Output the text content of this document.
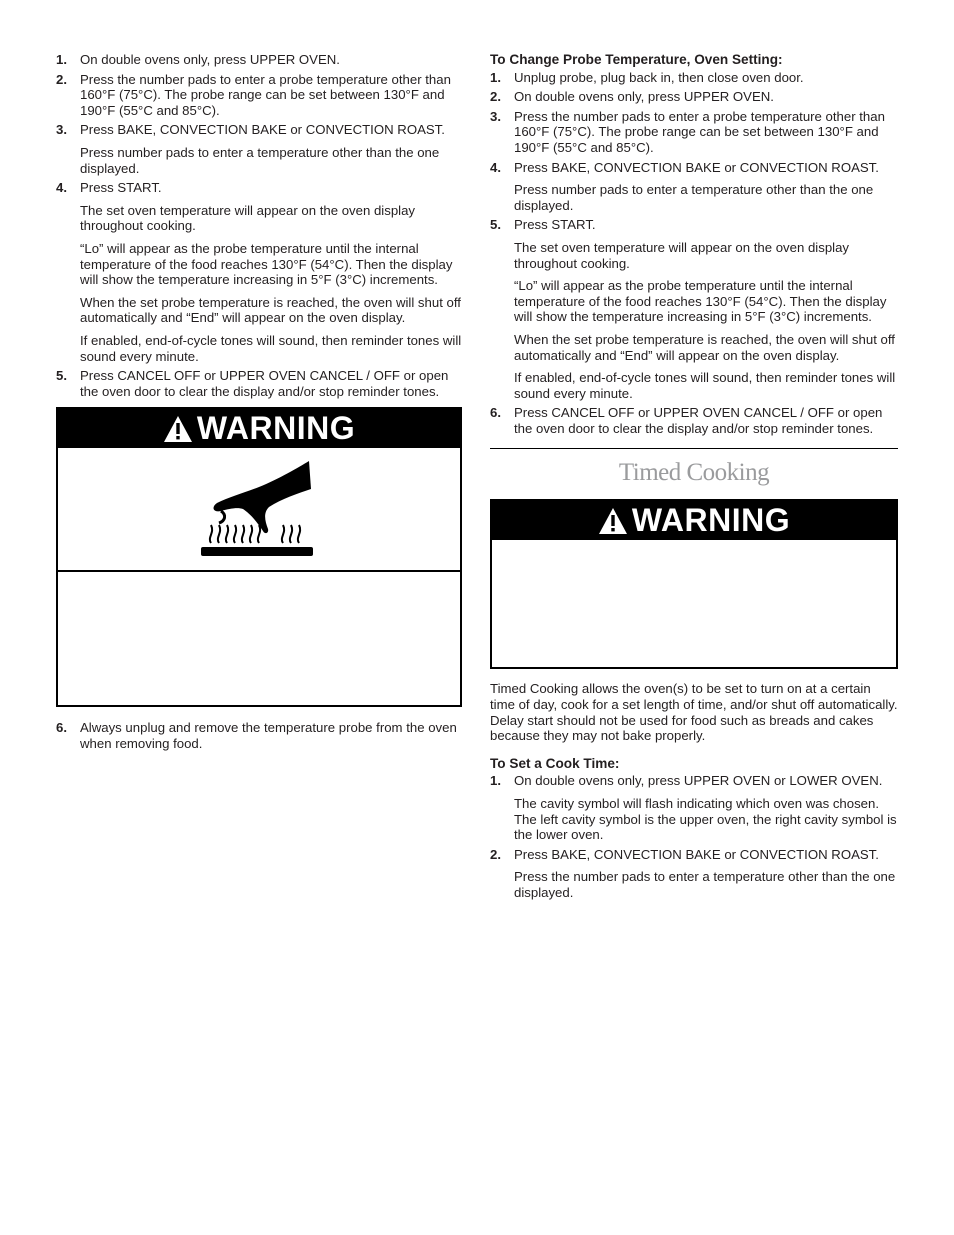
1. On double ovens only, press UPPER OVEN.

2. Press the number pads to enter a probe temperature other than 160°F (75°C). The probe range can be set between 130°F and 190°F (55°C and 85°C).

3. Press BAKE, CONVECTION BAKE or CONVECTION ROAST.

Press number pads to enter a temperature other than the one displayed.

4. Press START.

The set oven temperature will appear on the oven display throughout cooking.

“Lo” will appear as the probe temperature until the internal temperature of the food reaches 130°F (54°C). Then the display will show the temperature increasing in 5°F (3°C) increments.

When the set probe temperature is reached, the oven will shut off automatically and “End” will appear on the oven display.

If enabled, end-of-cycle tones will sound, then reminder tones will sound every minute.

5. Press CANCEL OFF or UPPER OVEN CANCEL / OFF or open the oven door to clear the display and/or stop reminder tones.

WARNING
6. Always unplug and remove the temperature probe from the oven when removing food.

To Change Probe Temperature, Oven Setting:
1. Unplug probe, plug back in, then close oven door.

2. On double ovens only, press UPPER OVEN.

3. Press the number pads to enter a probe temperature other than 160°F (75°C). The probe range can be set between 130°F and 190°F (55°C and 85°C).

4. Press BAKE, CONVECTION BAKE or CONVECTION ROAST.

Press number pads to enter a temperature other than the one displayed.

5. Press START.

The set oven temperature will appear on the oven display throughout cooking.

“Lo” will appear as the probe temperature until the internal temperature of the food reaches 130°F (54°C). Then the display will show the temperature increasing in 5°F (3°C) increments.

When the set probe temperature is reached, the oven will shut off automatically and “End” will appear on the oven display.

If enabled, end-of-cycle tones will sound, then reminder tones will sound every minute.

6. Press CANCEL OFF or UPPER OVEN CANCEL / OFF or open the oven door to clear the display and/or stop reminder tones.

Timed Cooking
WARNING

Timed Cooking allows the oven(s) to be set to turn on at a certain time of day, cook for a set length of time, and/or shut off automatically. Delay start should not be used for food such as breads and cakes because they may not bake properly.

To Set a Cook Time:
1. On double ovens only, press UPPER OVEN or LOWER OVEN.

The cavity symbol will flash indicating which oven was chosen. The left cavity symbol is the upper oven, the right cavity symbol is the lower oven.

2. Press BAKE, CONVECTION BAKE or CONVECTION ROAST.

Press the number pads to enter a temperature other than the one displayed.
